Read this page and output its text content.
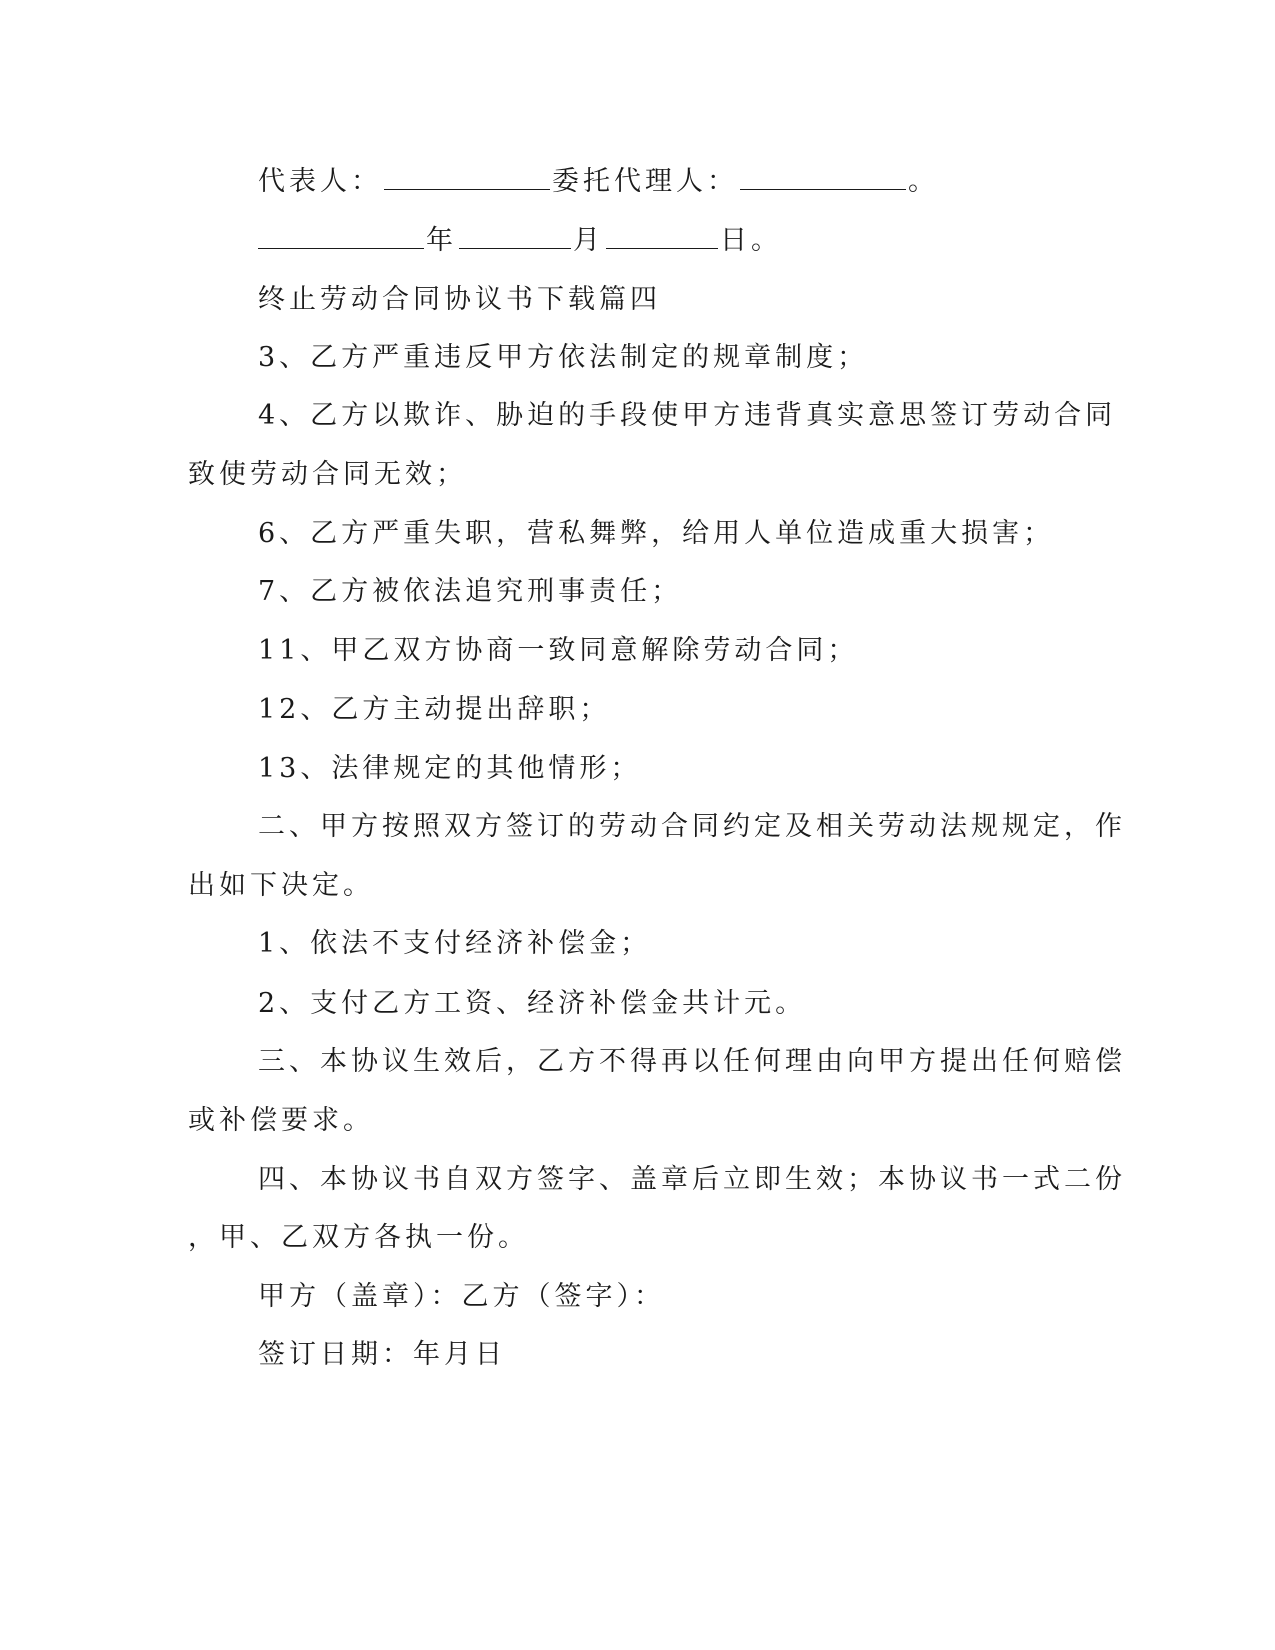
代表人：	委托代理人：	。
年	月	日。
终止劳动合同协议书下载篇四
3、乙方严重违反甲方依法制定的规章制度；
4、乙方以欺诈、胁迫的手段使甲方违背真实意思签订劳动合同
致使劳动合同无效；
6、乙方严重失职，营私舞弊，给用人单位造成重大损害；
7、乙方被依法追究刑事责任；
11、甲乙双方协商一致同意解除劳动合同；
12、乙方主动提出辞职；
13、法律规定的其他情形；
二、甲方按照双方签订的劳动合同约定及相关劳动法规规定，作
出如下决定。
1、依法不支付经济补偿金；
2、支付乙方工资、经济补偿金共计元。
三、本协议生效后，乙方不得再以任何理由向甲方提出任何赔偿
或补偿要求。
四、本协议书自双方签字、盖章后立即生效；本协议书一式二份
，甲、乙双方各执一份。
甲方（盖章）：乙方（签字）：
签订日期：年月日
